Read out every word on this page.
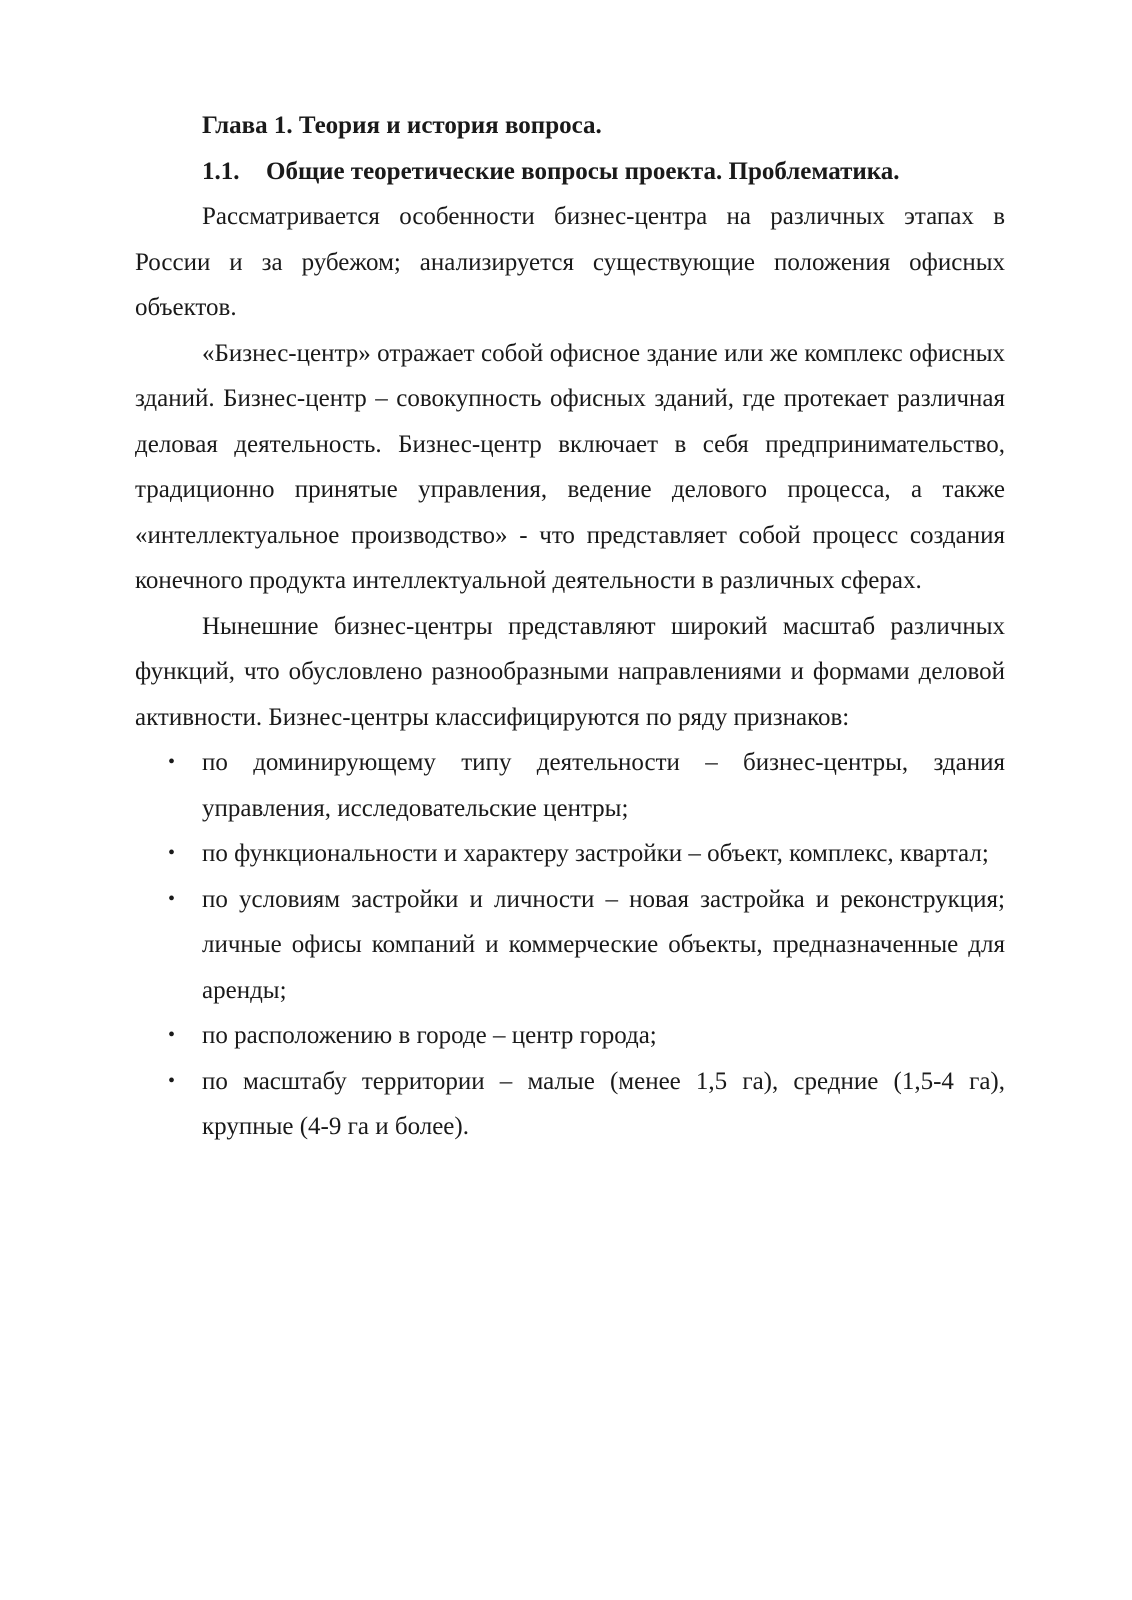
Глава 1. Теория и история вопроса.
1.1. Общие теоретические вопросы проекта. Проблематика.

Рассматривается особенности бизнес-центра на различных этапах в России и за рубежом; анализируется существующие положения офисных объектов.

«Бизнес-центр» отражает собой офисное здание или же комплекс офисных зданий. Бизнес-центр – совокупность офисных зданий, где протекает различная деловая деятельность. Бизнес-центр включает в себя предпринимательство, традиционно принятые управления, ведение делового процесса, а также «интеллектуальное производство» - что представляет собой процесс создания конечного продукта интеллектуальной деятельности в различных сферах.

Нынешние бизнес-центры представляют широкий масштаб различных функций, что обусловлено разнообразными направлениями и формами деловой активности. Бизнес-центры классифицируются по ряду признаков:

• по доминирующему типу деятельности – бизнес-центры, здания управления, исследовательские центры;
• по функциональности и характеру застройки – объект, комплекс, квартал;
• по условиям застройки и личности – новая застройка и реконструкция; личные офисы компаний и коммерческие объекты, предназначенные для аренды;
• по расположению в городе – центр города;
• по масштабу территории – малые (менее 1,5 га), средние (1,5-4 га), крупные (4-9 га и более).
